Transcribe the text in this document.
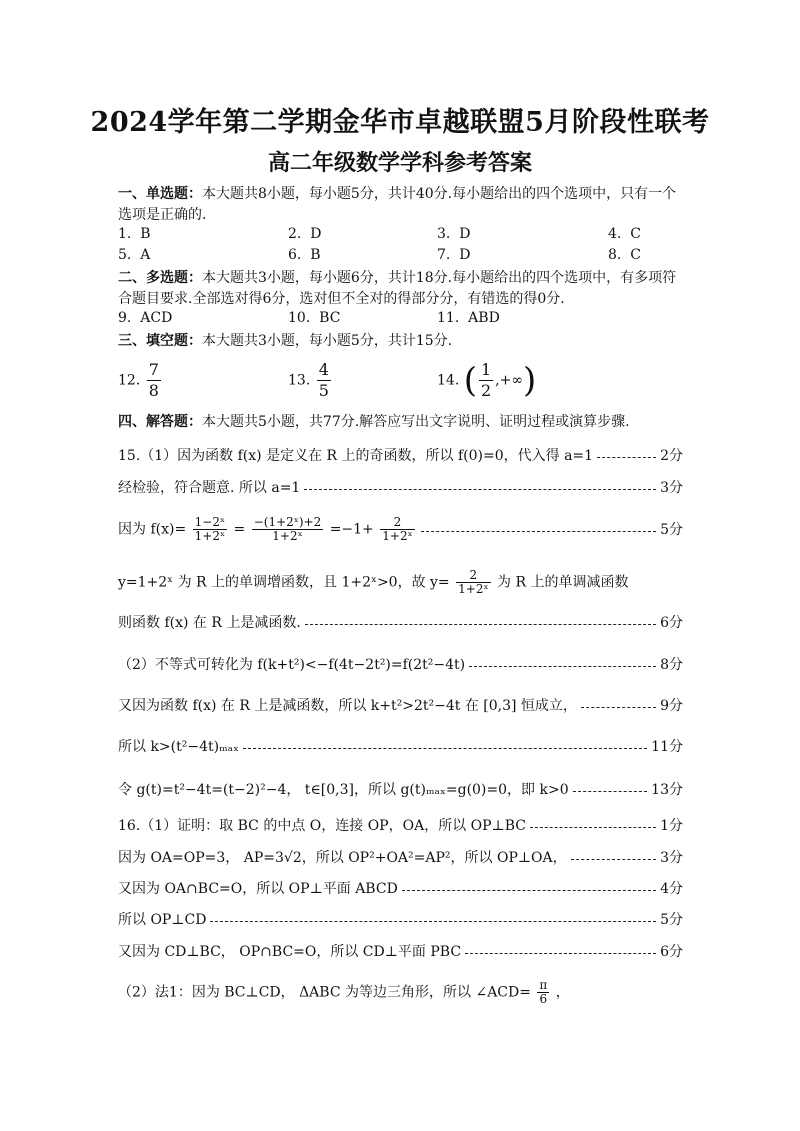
2024学年第二学期金华市卓越联盟5月阶段性联考
高二年级数学学科参考答案
一、单选题：本大题共8小题，每小题5分，共计40分.每小题给出的四个选项中，只有一个
选项是正确的.
1. B	2. D	3. D	4. C
5. A	6. B	7. D	8. C
二、多选题：本大题共3小题，每小题6分，共计18分.每小题给出的四个选项中，有多项符
合题目要求.全部选对得6分，选对但不全对的得部分分，有错选的得0分.
9. ACD	10. BC	11. ABD
三、填空题：本大题共3小题，每小题5分，共计15分.
12. $\frac{7}{8}$	13. $\frac{4}{5}$	14. ( $\frac{1}{2}$ ,+∞)
四、解答题：本大题共5小题，共77分.解答应写出文字说明、证明过程或演算步骤.
15.（1）因为函数 f(x) 是定义在 R 上的奇函数，所以 f(0)=0，代入得 a=1	2分
经检验，符合题意. 所以 a=1	3分
因为 $f(x)= \frac{\text{1−2ˣ}}{\text{1+2ˣ}} = \frac{\text{−(1+2ˣ)+2}}{\text{1+2ˣ}} =-1+ \frac{2}{\text{1+2ˣ}}$	5分
y=1+2ˣ 为 R 上的单调增函数，且 1+2ˣ>0，故 $y= \frac{2}{\text{1+2ˣ}}$ 为 R 上的单调减函数
则函数 f(x) 在 R 上是减函数.	6分
（2）不等式可转化为 f(k+t²)<−f(4t−2t²)=f(2t²−4t)	8分
又因为函数 f(x) 在 R 上是减函数，所以 k+t²>2t²−4t 在 [0,3] 恒成立，	9分
所以 k>(t²−4t)ₘₐₓ	11分
令 g(t)=t²−4t=(t−2)²−4， t∈[0,3]，所以 g(t)ₘₐₓ=g(0)=0，即 k>0	13分
16.（1）证明：取 BC 的中点 O，连接 OP，OA，所以 OP⊥BC	1分
因为 OA=OP=3， AP=3√2，所以 OP²+OA²=AP²，所以 OP⊥OA，	3分
又因为 OA∩BC=O，所以 OP⊥平面 ABCD	4分
所以 OP⊥CD	5分
又因为 CD⊥BC， OP∩BC=O，所以 CD⊥平面 PBC	6分
（2）法1：因为 BC⊥CD， ΔABC 为等边三角形，所以 ∠ACD= $\frac{\pi}{6}$ ，
